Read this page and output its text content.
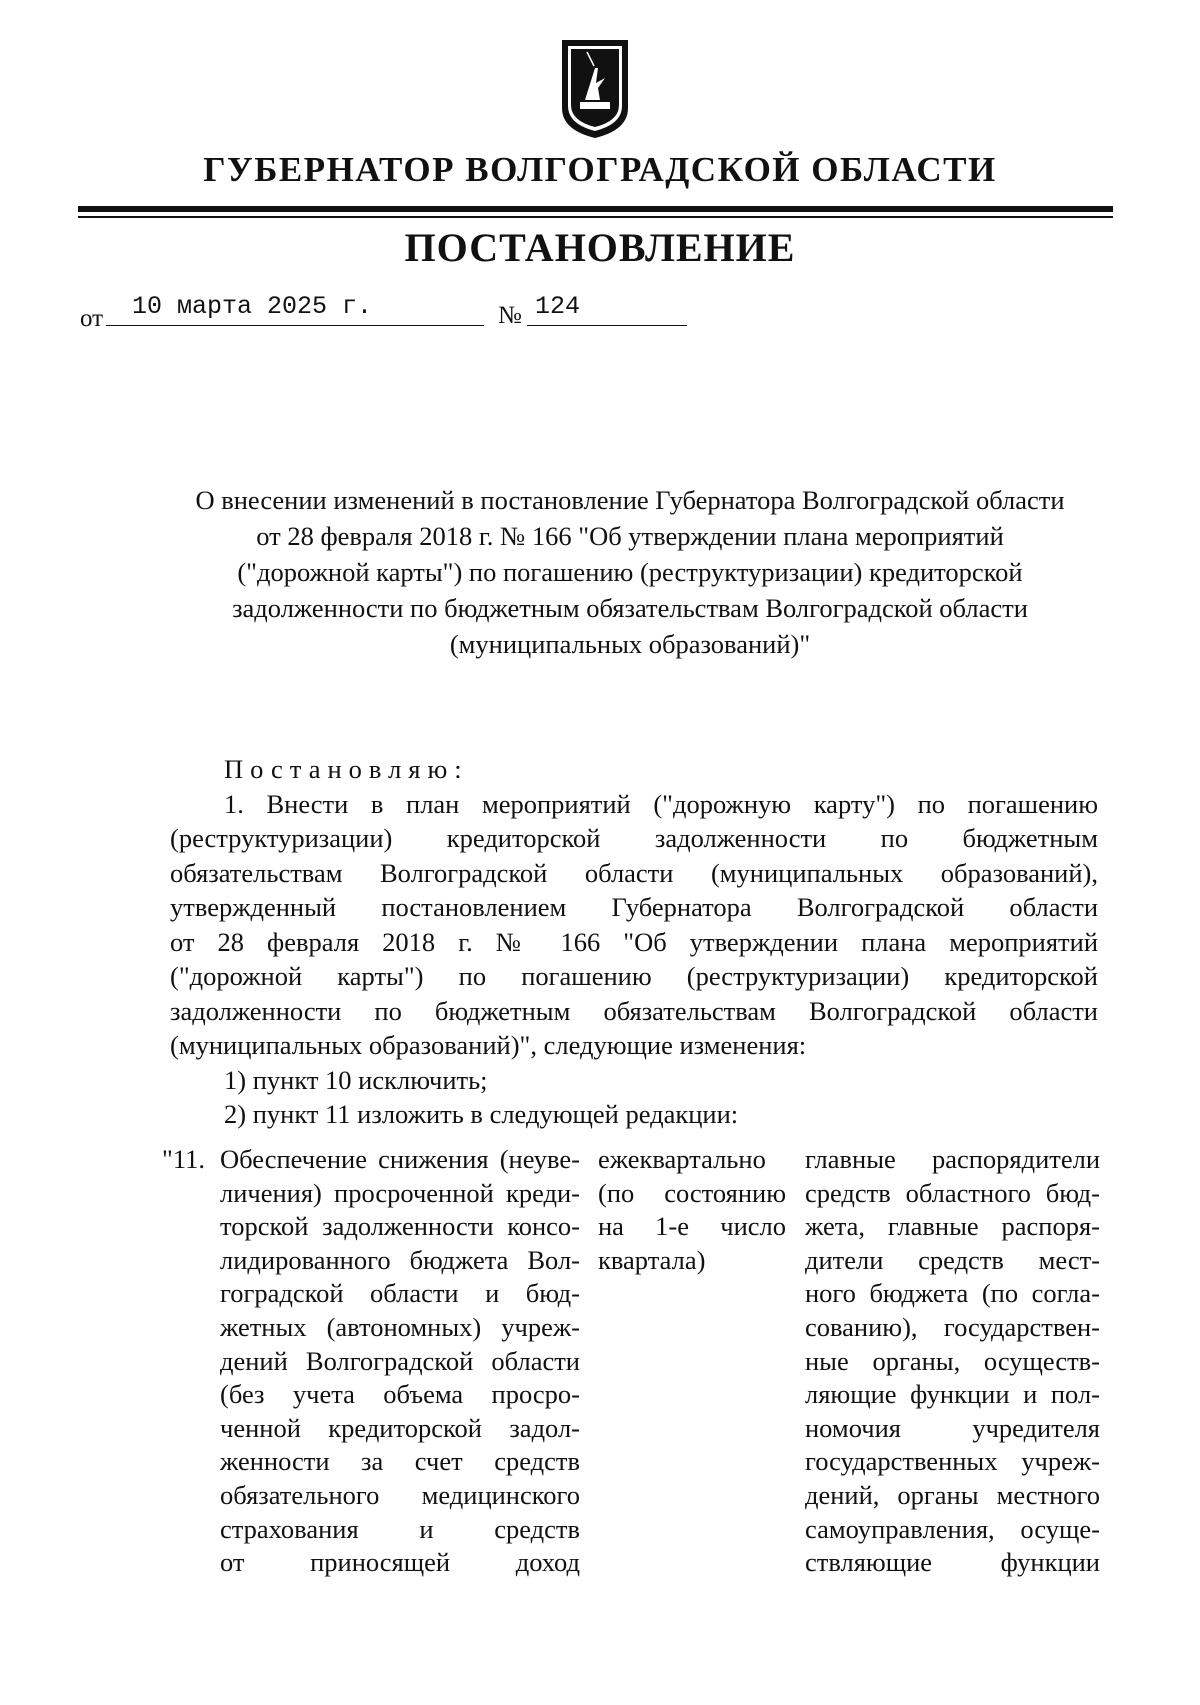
ГУБЕРНАТОР ВОЛГОГРАДСКОЙ ОБЛАСТИ
ПОСТАНОВЛЕНИЕ
от 10 марта 2025 г.	№ 124
О внесении изменений в постановление Губернатора Волгоградской области
от 28 февраля 2018 г. № 166 "Об утверждении плана мероприятий
("дорожной карты") по погашению (реструктуризации) кредиторской
задолженности по бюджетным обязательствам Волгоградской области
(муниципальных образований)"
Постановляю:
1. Внести в план мероприятий ("дорожную карту") по погашению
(реструктуризации) кредиторской задолженности по бюджетным
обязательствам Волгоградской области (муниципальных образований),
утвержденный постановлением Губернатора Волгоградской области
от 28 февраля 2018 г. № 166 "Об утверждении плана мероприятий
("дорожной карты") по погашению (реструктуризации) кредиторской
задолженности по бюджетным обязательствам Волгоградской области
(муниципальных образований)", следующие изменения:
1) пункт 10 исключить;
2) пункт 11 изложить в следующей редакции:
"11. Обеспечение снижения (неуве-
личения) просроченной креди-
торской задолженности консо-
лидированного бюджета Вол-
гоградской области и бюд-
жетных (автономных) учреж-
дений Волгоградской области
(без учета объема просро-
ченной кредиторской задол-
женности за счет средств
обязательного медицинского
страхования и средств
от приносящей доход
ежеквартально
(по состоянию
на 1-е число
квартала)
главные распорядители
средств областного бюд-
жета, главные распоря-
дители средств мест-
ного бюджета (по согла-
сованию), государствен-
ные органы, осуществ-
ляющие функции и пол-
номочия учредителя
государственных учреж-
дений, органы местного
самоуправления, осуще-
ствляющие функции
